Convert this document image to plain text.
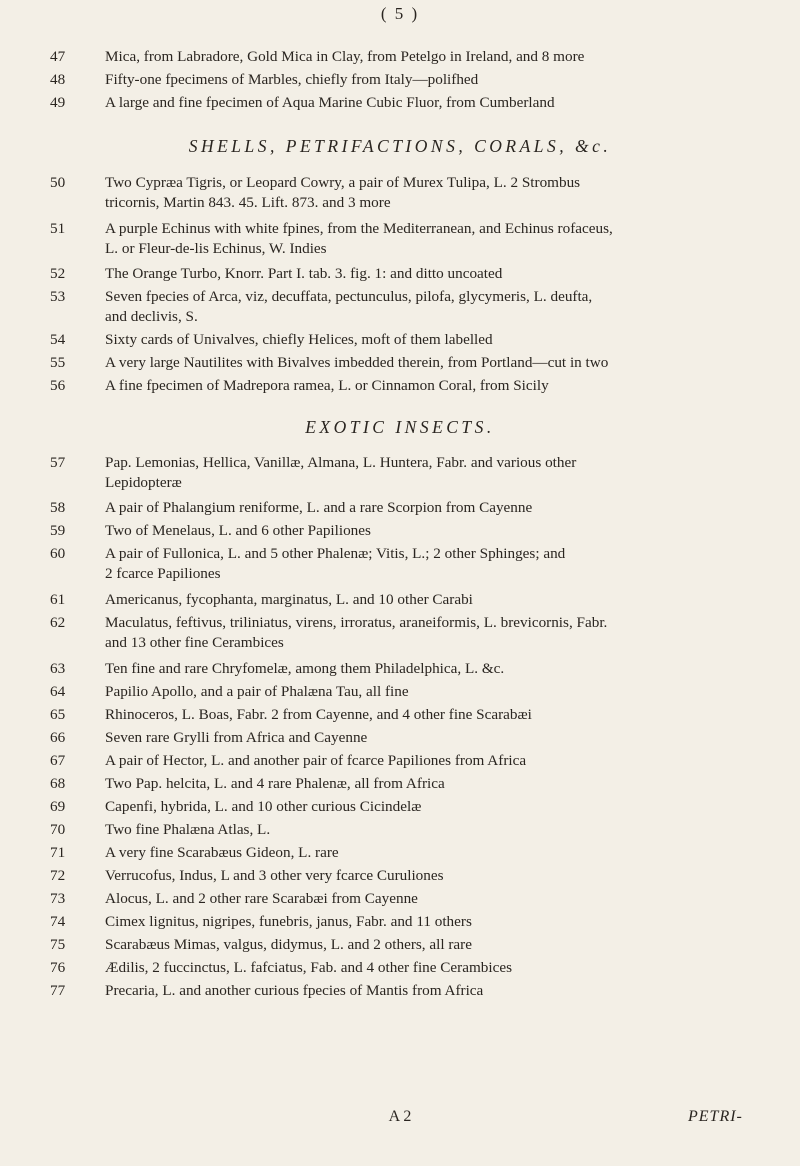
( 5 )
47	Mica, from Labradore, Gold Mica in Clay, from Petelgo in Ireland, and 8 more
48	Fifty-one fpecimens of Marbles, chiefly from Italy—polifhed
49	A large and fine fpecimen of Aqua Marine Cubic Fluor, from Cumberland
SHELLS, PETRIFACTIONS, CORALS, &c.
50	Two Cypræa Tigris, or Leopard Cowry, a pair of Murex Tulipa, L. 2 Strombus
tricornis, Martin 843. 45. Lift. 873. and 3 more
51	A purple Echinus with white fpines, from the Mediterranean, and Echinus rofaceus,
L. or Fleur-de-lis Echinus, W. Indies
52	The Orange Turbo, Knorr. Part I. tab. 3. fig. 1: and ditto uncoated
53	Seven fpecies of Arca, viz, decuffata, pectunculus, pilofa, glycymeris, L. deufta,
and declivis, S.
54	Sixty cards of Univalves, chiefly Helices, moft of them labelled
55	A very large Nautilites with Bivalves imbedded therein, from Portland—cut in two
56	A fine fpecimen of Madrepora ramea, L. or Cinnamon Coral, from Sicily
EXOTIC INSECTS.
57	Pap. Lemonias, Hellica, Vanillæ, Almana, L. Huntera, Fabr. and various other
Lepidopteræ
58	A pair of Phalangium reniforme, L. and a rare Scorpion from Cayenne
59	Two of Menelaus, L. and 6 other Papiliones
60	A pair of Fullonica, L. and 5 other Phalenæ; Vitis, L.; 2 other Sphinges; and
2 fcarce Papiliones
61	Americanus, fycophanta, marginatus, L. and 10 other Carabi
62	Maculatus, feftivus, triliniatus, virens, irroratus, araneiformis, L. brevicornis, Fabr.
and 13 other fine Cerambices
63	Ten fine and rare Chryfomelæ, among them Philadelphica, L. &c.
64	Papilio Apollo, and a pair of Phalæna Tau, all fine
65	Rhinoceros, L. Boas, Fabr. 2 from Cayenne, and 4 other fine Scarabæi
66	Seven rare Grylli from Africa and Cayenne
67	A pair of Hector, L. and another pair of fcarce Papiliones from Africa
68	Two Pap. helcita, L. and 4 rare Phalenæ, all from Africa
69	Capenfi, hybrida, L. and 10 other curious Cicindelæ
70	Two fine Phalæna Atlas, L.
71	A very fine Scarabæus Gideon, L. rare
72	Verrucofus, Indus, L and 3 other very fcarce Curuliones
73	Alocus, L. and 2 other rare Scarabæi from Cayenne
74	Cimex lignitus, nigripes, funebris, janus, Fabr. and 11 others
75	Scarabæus Mimas, valgus, didymus, L. and 2 others, all rare
76	Ædilis, 2 fuccinctus, L. fafciatus, Fab. and 4 other fine Cerambices
77	Precaria, L. and another curious fpecies of Mantis from Africa
A 2	PETRI-
